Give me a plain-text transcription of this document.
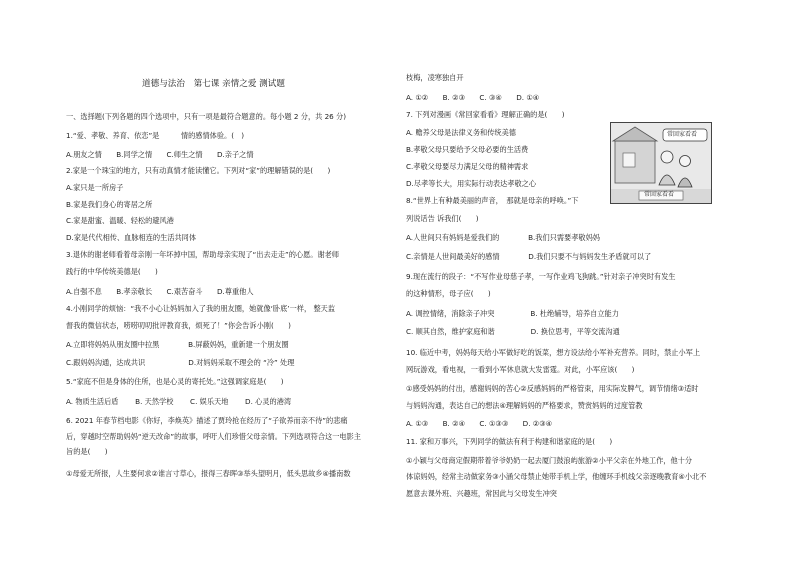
道德与法治　第七课 亲情之爱 测试题
一、选择题(下列各题的四个选项中，只有一项是最符合题意的。每小题 2 分，共 26 分)
1.“爱、孝敬、养育、依恋”是　　　情的感情体验。(　)
A.朋友之情　　B.同学之情　　C.师生之情　　D.亲子之情
2.家是一个珠宝的地方，只有动真情才能读懂它。下列对“家”的理解错误的是(　　)
A.家只是一所房子
B.家是我们身心的寄居之所
C.家是甜蜜、温暖、轻松的避风港
D.家是代代相传、血脉相连的生活共同体
3.退休的谢老师看着母亲刚一年坏掉中国，帮助母亲实现了“出去走走”的心愿。谢老师
践行的中华传统美德是(　　)
A.自强不息　　B.孝亲敬长　　C.艰苦奋斗　　D.尊重他人
4.小刚同学的烦恼：“我不小心让妈妈加入了我的朋友圈，她就像‘卧底’一样， 整天监
督我的微信状态，唠唠叨叨批评教育我，烦死了！”你会告诉小刚(　　)
A.立即将妈妈从朋友圈中拉黑　　　　B.屏蔽妈妈，重新建一个朋友圈
C.跟妈妈沟通，达成共识　　　　　　D.对妈妈采取不理会的 “冷” 处理
5.“家庭不但是身体的住所，也是心灵的寄托处。”这强调家庭是(　　)
A. 物质生活后盾　　 B. 天然学校　　 C. 娱乐天地　　 D. 心灵的港湾
6. 2021 年春节档电影《你好，李焕英》描述了贾玲抢在经历了“子欲养而亲不待”的悲痛
后，穿越时空帮助妈妈“逆天改命”的故事，呼吁人们珍惜父母亲情。下列选项符合这一电影主
旨的是(　　)
①母爱无所报，人生要何求②谁言寸草心，报得三春晖③举头望明月，低头思故乡④播南数
枝梅，凌寒独自开
A. ①②　　B. ②③　　C. ③④　　D. ①④
7. 下列对漫画《常回家看看》理解正确的是(　　)
A. 赡养父母是法律义务和传统美德
B.孝敬父母只要给予父母必要的生活费
C.孝敬父母要尽力满足父母的精神需求
D.尽孝等长大，用实际行动表达孝敬之心
8.“世界上有种最美丽的声音，　那就是母亲的呼唤。”下
列说话告 诉我们(　　)
A.人世间只有妈妈是爱我们的　　　　B.我们只需要孝敬妈妈
C.亲情是人世间最美好的感情　　　　D.我们只要不与妈妈发生矛盾就可以了
9.现在流行的段子：“不写作业母慈子孝，一写作业鸡飞狗跳。”针对亲子冲突时有发生
的这种情形，母子应(　　)
A. 调控情绪，消除亲子冲突　　　　　B. 杜绝辅导，培养自立能力
C. 顺其自然，维护家庭和谐　　　　　D. 换位思考，平等交流沟通
10. 临近中考，妈妈每天给小军做好吃的饭菜，想方设法给小军补充营养。同时，禁止小军上
网玩游戏，看电视，一看到小军休息就大发雷霆。对此，小军应该(　　)
①感受妈妈的付出，感谢妈妈的苦心②反感妈妈的严格管束，用实际发脾气，调节情绪③适时
与妈妈沟通，表达自己的想法④理解妈妈的严格要求，赞赏妈妈的过度管教
A. ①③　　B. ②④　　C. ①③③　　D. ②③④
11. 家和万事兴，下列同学的做法有利于构建和谐家庭的是(　　)
①小颖与父母商定假期带着爷爷奶奶一起去厦门鼓浪屿旅游②小平父亲在外地工作，他十分
体谅妈妈，经常主动做家务③小涵父母禁止她带手机上学，他缠环手机线父亲逐晚教育④小北不
愿意去课外班、兴趣班，常因此与父母发生冲突
常回家看看
常回家看看
